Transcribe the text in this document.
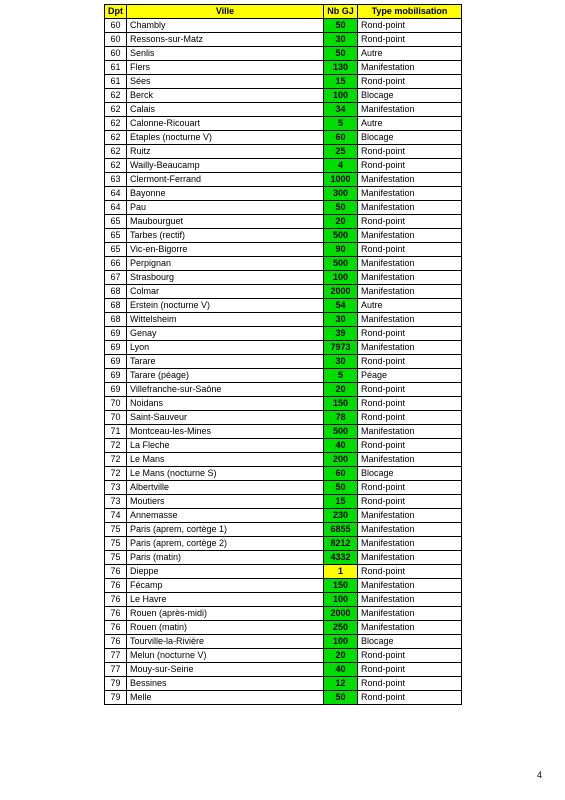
Dpt	Ville	Nb GJ	Type mobilisation
60	Chambly	50	Rond-point
60	Ressons-sur-Matz	30	Rond-point
60	Senlis	50	Autre
61	Flers	130	Manifestation
61	Sées	15	Rond-point
62	Berck	100	Blocage
62	Calais	34	Manifestation
62	Calonne-Ricouart	5	Autre
62	Etaples (nocturne V)	60	Blocage
62	Ruitz	25	Rond-point
62	Wailly-Beaucamp	4	Rond-point
63	Clermont-Ferrand	1000	Manifestation
64	Bayonne	300	Manifestation
64	Pau	50	Manifestation
65	Maubourguet	20	Rond-point
65	Tarbes (rectif)	500	Manifestation
65	Vic-en-Bigorre	90	Rond-point
66	Perpignan	500	Manifestation
67	Strasbourg	100	Manifestation
68	Colmar	2000	Manifestation
68	Erstein (nocturne V)	54	Autre
68	Wittelsheim	30	Manifestation
69	Genay	39	Rond-point
69	Lyon	7973	Manifestation
69	Tarare	30	Rond-point
69	Tarare (péage)	5	Péage
69	Villefranche-sur-Saône	20	Rond-point
70	Noidans	150	Rond-point
70	Saint-Sauveur	78	Rond-point
71	Montceau-les-Mines	500	Manifestation
72	La Fleche	40	Rond-point
72	Le Mans	200	Manifestation
72	Le Mans (nocturne S)	60	Blocage
73	Albertville	50	Rond-point
73	Moutiers	15	Rond-point
74	Annemasse	230	Manifestation
75	Paris (aprem, cortège 1)	6855	Manifestation
75	Paris (aprem, cortège 2)	8212	Manifestation
75	Paris (matin)	4332	Manifestation
76	Dieppe	1	Rond-point
76	Fécamp	150	Manifestation
76	Le Havre	100	Manifestation
76	Rouen (après-midi)	2000	Manifestation
76	Rouen (matin)	250	Manifestation
76	Tourville-la-Rivière	100	Blocage
77	Melun (nocturne V)	20	Rond-point
77	Mouy-sur-Seine	40	Rond-point
79	Bessines	12	Rond-point
79	Melle	50	Rond-point
4
